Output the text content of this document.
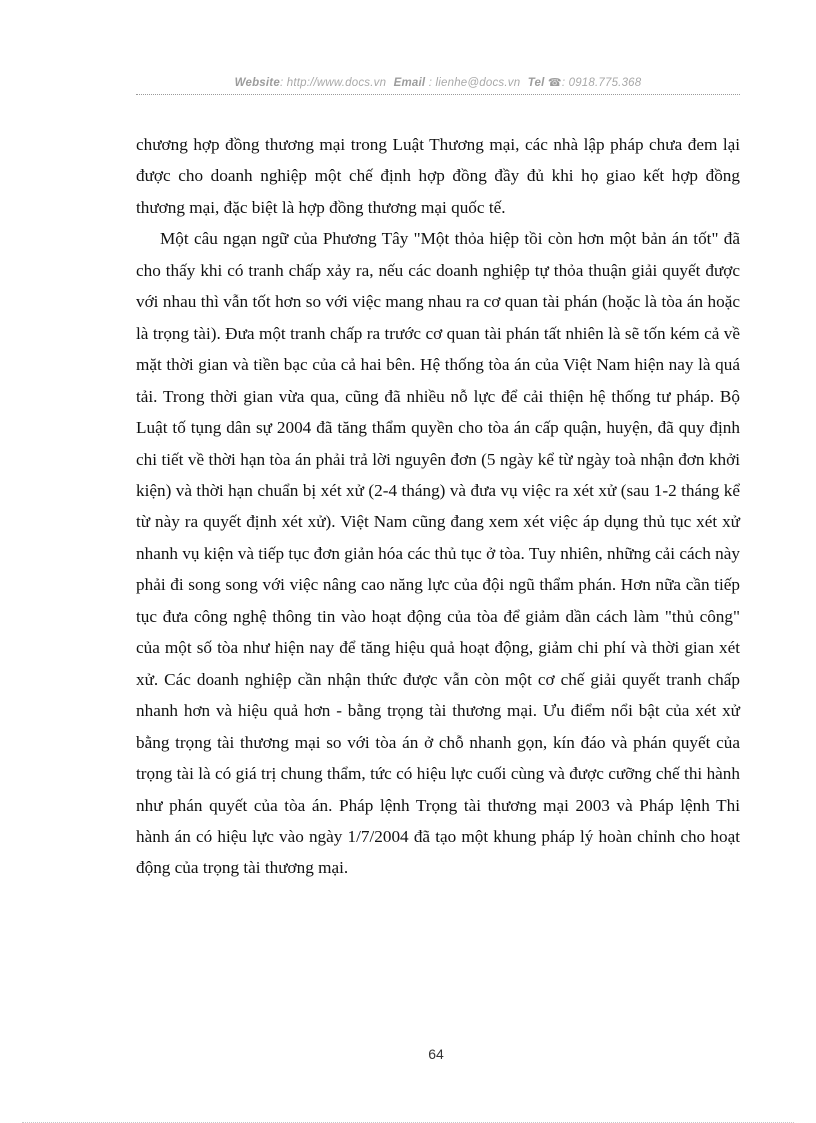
Website: http://www.docs.vn Email : lienhe@docs.vn Tel ☎: 0918.775.368

chương hợp đồng thương mại trong Luật Thương mại, các nhà lập pháp chưa đem lại được cho doanh nghiệp một chế định hợp đồng đầy đủ khi họ giao kết hợp đồng thương mại, đặc biệt là hợp đồng thương mại quốc tế.

Một câu ngạn ngữ của Phương Tây "Một thỏa hiệp tồi còn hơn một bản án tốt" đã cho thấy khi có tranh chấp xảy ra, nếu các doanh nghiệp tự thỏa thuận giải quyết được với nhau thì vẫn tốt hơn so với việc mang nhau ra cơ quan tài phán (hoặc là tòa án hoặc là trọng tài). Đưa một tranh chấp ra trước cơ quan tài phán tất nhiên là sẽ tốn kém cả về mặt thời gian và tiền bạc của cả hai bên. Hệ thống tòa án của Việt Nam hiện nay là quá tải. Trong thời gian vừa qua, cũng đã nhiều nỗ lực để cải thiện hệ thống tư pháp. Bộ Luật tố tụng dân sự 2004 đã tăng thẩm quyền cho tòa án cấp quận, huyện, đã quy định chi tiết về thời hạn tòa án phải trả lời nguyên đơn (5 ngày kể từ ngày toà nhận đơn khởi kiện) và thời hạn chuẩn bị xét xử (2-4 tháng) và đưa vụ việc ra xét xử (sau 1-2 tháng kể từ này ra quyết định xét xử). Việt Nam cũng đang xem xét việc áp dụng thủ tục xét xử nhanh vụ kiện và tiếp tục đơn giản hóa các thủ tục ở tòa. Tuy nhiên, những cải cách này phải đi song song với việc nâng cao năng lực của đội ngũ thẩm phán. Hơn nữa cần tiếp tục đưa công nghệ thông tin vào hoạt động của tòa để giảm dần cách làm "thủ công" của một số tòa như hiện nay để tăng hiệu quả hoạt động, giảm chi phí và thời gian xét xử. Các doanh nghiệp cần nhận thức được vẫn còn một cơ chế giải quyết tranh chấp nhanh hơn và hiệu quả hơn - bằng trọng tài thương mại. Ưu điểm nổi bật của xét xử bằng trọng tài thương mại so với tòa án ở chỗ nhanh gọn, kín đáo và phán quyết của trọng tài là có giá trị chung thẩm, tức có hiệu lực cuối cùng và được cưỡng chế thi hành như phán quyết của tòa án. Pháp lệnh Trọng tài thương mại 2003 và Pháp lệnh Thi hành án có hiệu lực vào ngày 1/7/2004 đã tạo một khung pháp lý hoàn chỉnh cho hoạt động của trọng tài thương mại.

64
